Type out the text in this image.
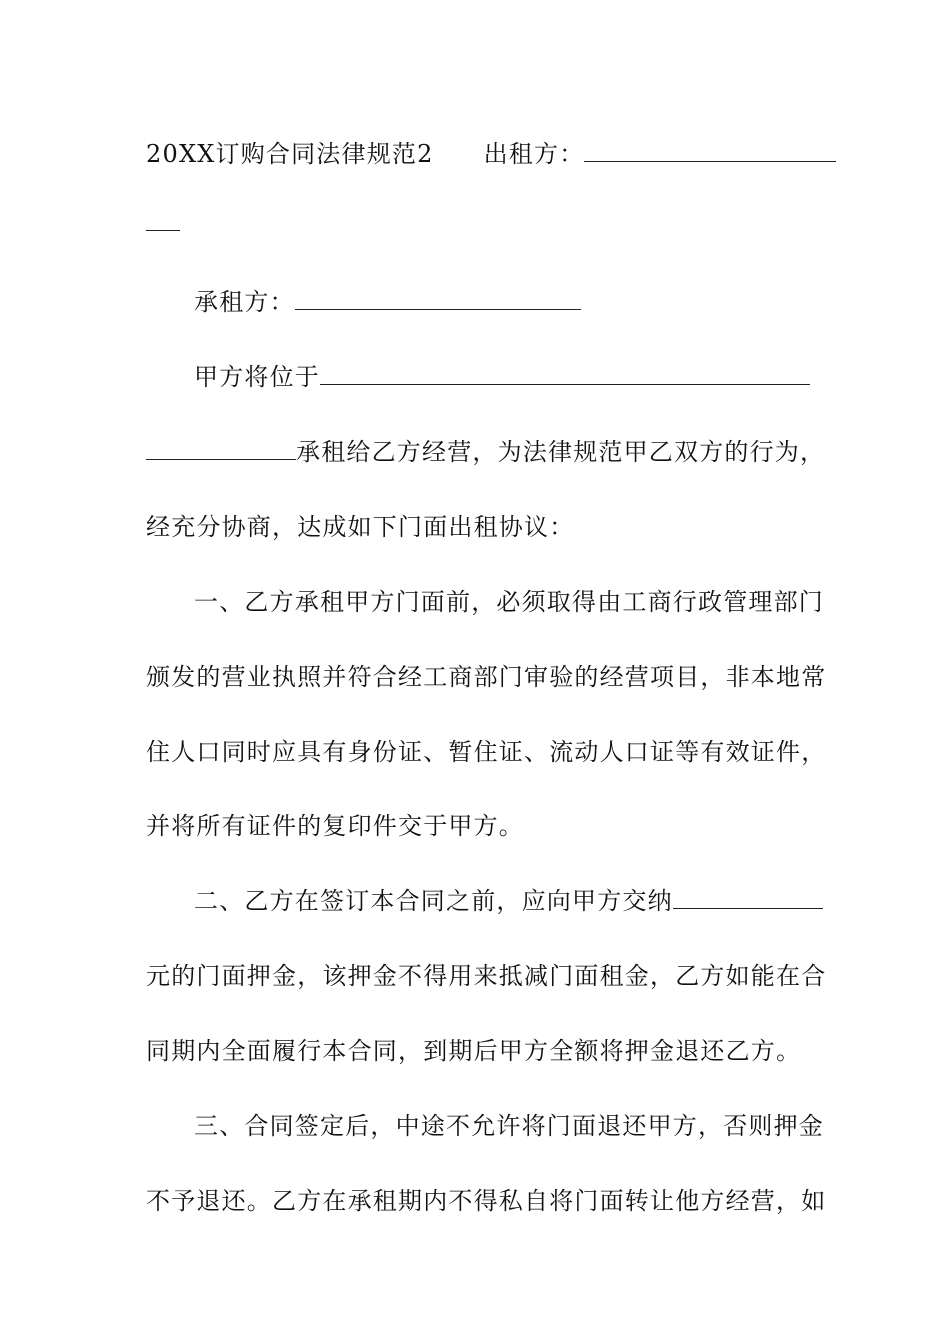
20XX订购合同法律规范2 出租方：
承租方：
甲方将位于
承租给乙方经营，为法律规范甲乙双方的行为，
经充分协商，达成如下门面出租协议：
一、乙方承租甲方门面前，必须取得由工商行政管理部门
颁发的营业执照并符合经工商部门审验的经营项目，非本地常
住人口同时应具有身份证、暂住证、流动人口证等有效证件，
并将所有证件的复印件交于甲方。
二、乙方在签订本合同之前，应向甲方交纳
元的门面押金，该押金不得用来抵减门面租金，乙方如能在合
同期内全面履行本合同，到期后甲方全额将押金退还乙方。
三、合同签定后，中途不允许将门面退还甲方，否则押金
不予退还。乙方在承租期内不得私自将门面转让他方经营，如
